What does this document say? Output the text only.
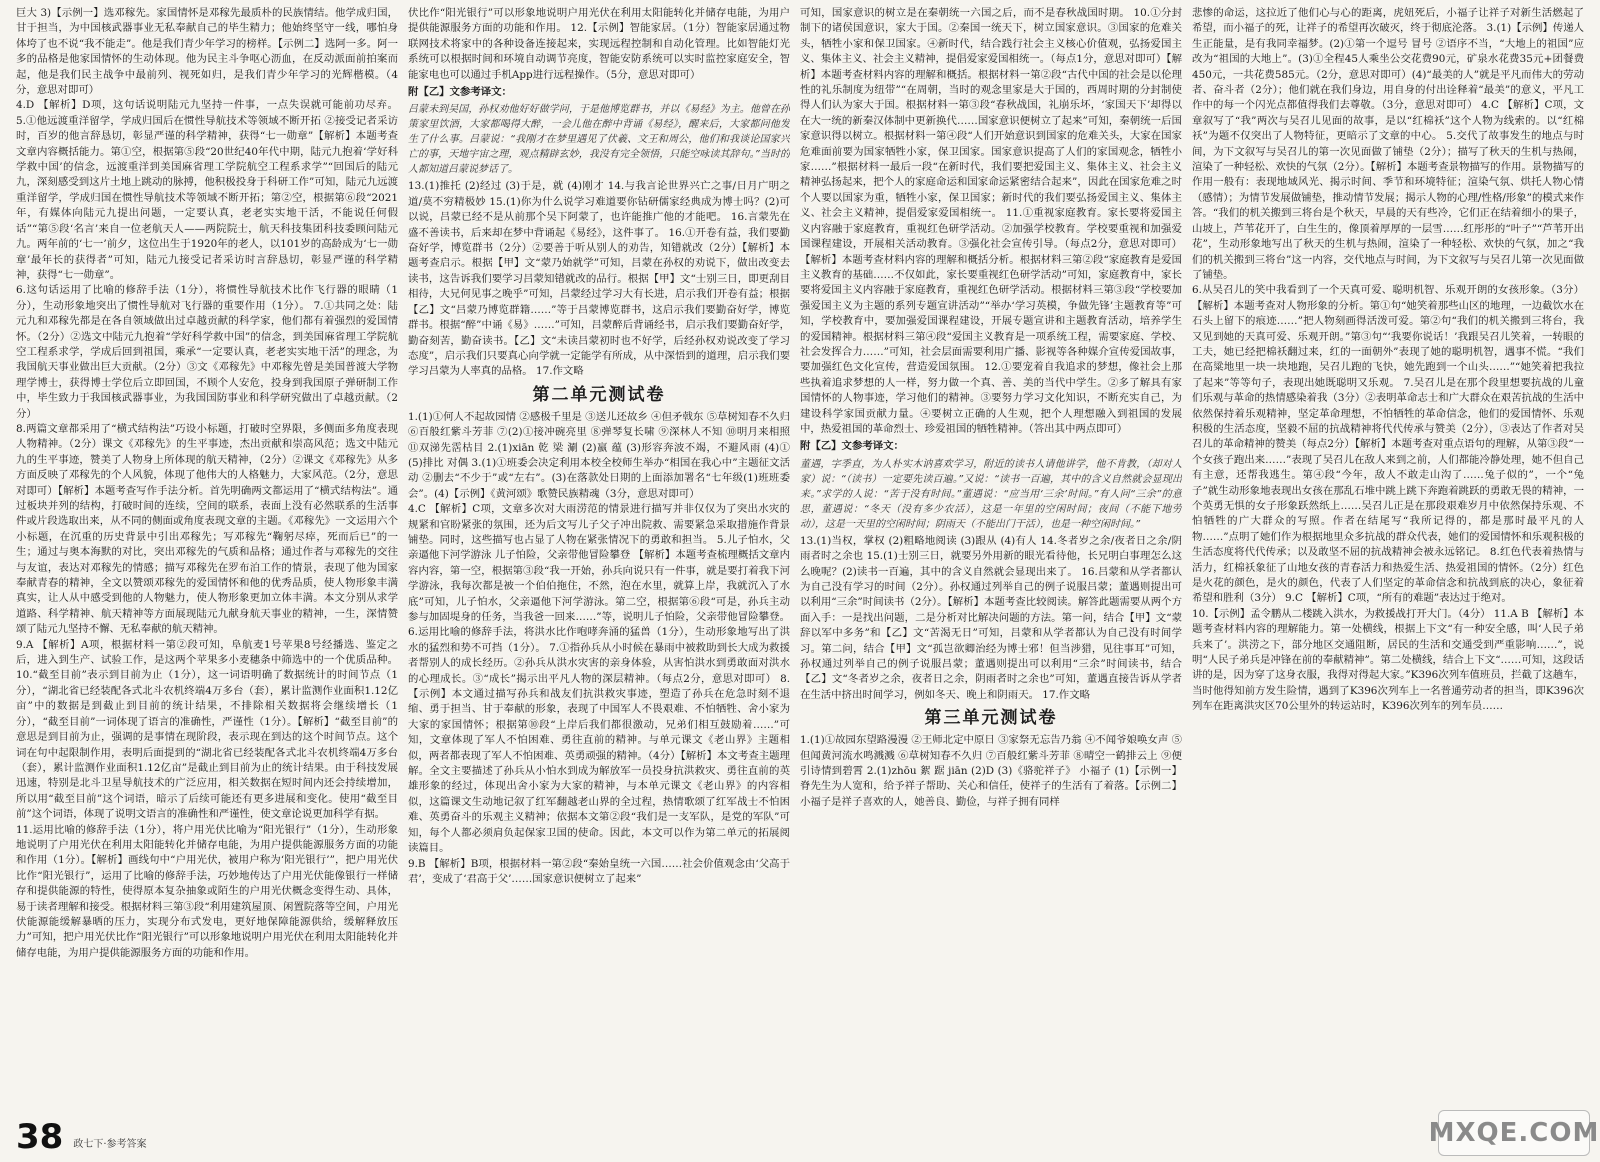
巨大 3)【示例一】选邓稼先。家国情怀是邓稼先最质朴的民族情结。他学成归国，甘于担当，为中国核武器事业无私奉献自己的毕生精力；他始终坚守一线，哪怕身体垮了也不说“我不能走”。他是我们青少年学习的榜样。【示例二】选阿一多。阿一多的品格是他家国情怀的生动体现。他为民主斗争呕心沥血，在反动派面前拍案而起，他是我们民主战争中最前列、视死如归，是我们青少年学习的光辉楷模。（4分，意思对即可）

4.D 【解析】D项，这句话说明陆元九坚持一件事，一点失误就可能前功尽弃。 5.①他远渡重洋留学，学成归国后在惯性导航技术等领域不断开拓 ②接受记者采访时，百岁的他言辞恳切，彰显严谨的科学精神，获得“七一勋章”【解析】本题考查文章内容概括能力。第①空，根据第⑤段“20世纪40年代中期，陆元九抱着‘学好科学救中国’的信念，远渡重洋到美国麻省理工学院航空工程系求学”“回国后的陆元九，深刻感受到这片土地上跳动的脉搏，他积极投身于科研工作”可知，陆元九远渡重洋留学，学成归国在惯性导航技术等领域不断开拓；第②空，根据第⑥段“2021年，有媒体向陆元九提出问题，一定要认真，老老实实地干活，不能说任何假话”“第⑤段‘名言’来自一位老航天人——两院院士，航天科技集团科技委顾问陆元九。两年前的‘七一’前夕，这位出生于1920年的老人，以101岁的高龄成为‘七一勋章’最年长的获得者”可知，陆元九接受记者采访时言辞恳切，彰显严谨的科学精神，获得“七一勋章”。

6.这句话运用了比喻的修辞手法（1分），将惯性导航技术比作飞行器的眼睛（1分），生动形象地突出了惯性导航对飞行器的重要作用（1分）。 7.①共同之处：陆元九和邓稼先都是在各自领域做出过卓越贡献的科学家，他们都有着强烈的爱国情怀。（2分）②选文中陆元九抱着“学好科学救中国”的信念，到美国麻省理工学院航空工程系求学，学成后回到祖国，乘承“一定要认真，老老实实地干活”的理念，为我国航天事业做出巨大贡献。（2分）③文《邓稼先》中邓稼先曾是美国普渡大学物理学博士，获得博士学位后立即回国，不顾个人安危，投身到我国原子弹研制工作中，毕生致力于我国核武器事业，为我国国防事业和科学研究做出了卓越贡献。（2分）

8.两篇文章都采用了“横式结构法”巧设小标题，打破时空界限，多侧面多角度表现人物精神。（2分）课文《邓稼先》的生平事迹，杰出贡献和崇高风范；选文中陆元九的生平事迹，赞美了人物身上所体现的航天精神，（2分）②课文《邓稼先》从多方面反映了邓稼先的个人风貌，体现了他伟大的人格魅力，大家风范。（2分，意思对即可）【解析】本题考查写作手法分析。首先明确两文都运用了“横式结构法”。通过板块并列的结构，打破时间的连续，空间的联系，表面上没有必然联系的生活事件或片段选取出来，从不同的侧面或角度表现文章的主题。《邓稼先》一文运用六个小标题，在沉重的历史背景中引出邓稼先；写邓稼先“鞠躬尽瘁，死而后已”的一生；通过与奥本海默的对比，突出邓稼先的气质和品格；通过作者与邓稼先的交往与友谊，表达对邓稼先的情感；描写邓稼先在罗布泊工作的情景，表现了他为国家奉献青春的精神，全文以赞颂邓稼先的爱国情怀和他的优秀品质，使人物形象丰满真实，让人从中感受到他的人物魅力，使人物形象更加立体丰满。本文分别从求学道路、科学精神、航天精神等方面展现陆元九献身航天事业的精神，一生，深情赞颂了陆元九坚持不懈、无私奉献的航天精神。

9.A 【解析】A项，根据材料一第②段可知，阜航麦1号苹果8号经播选、鉴定之后，进入到生产、试验工作，是这两个苹果多小麦穗条中筛选中的一个优质品种。 10.“截至目前”表示到目前为止（1分），这一词语明确了数据统计的时间节点（1分），“湖北省已经装配各式北斗农机终端4万多台（套），累计监测作业面积1.12亿亩”中的数据是到截止到目前的统计结果，不排除相关数据将会继续增长（1分），“截至目前”一词体现了语言的准确性，严谨性（1分）。【解析】“截至目前”的意思是到目前为止，强调的是事情在现阶段，表示现在到达的这个时间节点。这个词在句中起限制作用，表明后面提到的“湖北省已经装配各式北斗农机终端4万多台（套），累计监测作业面积1.12亿亩”是截止到目前为止的统计结果。由于科技发展迅速，特别是北斗卫星导航技术的广泛应用，相关数据在短时间内还会持续增加，所以用“截至目前”这个词语，暗示了后续可能还有更多进展和变化。使用“截至目前”这个词语，体现了说明文语言的准确性和严谨性，使文章论说更加科学有据。

11.运用比喻的修辞手法（1分），将户用光伏比喻为“阳光银行”（1分），生动形象地说明了户用光伏在利用太阳能转化并储存电能，为用户提供能源服务方面的功能和作用（1分）。【解析】画线句中“户用光伏，被用户称为‘阳光银行’”，把户用光伏比作“阳光银行”，运用了比喻的修辞手法，巧妙地传达了户用光伏能像银行一样储存和提供能源的特性，使得原本复杂抽象或陌生的户用光伏概念变得生动、具体，易于读者理解和接受。根据材料三第③段“利用建筑屋顶、闲置院落等空间，户用光伏能源能缓解暴晒的压力，实现分布式发电，更好地保障能源供给，缓解释放压力”可知，把户用光伏比作“阳光银行”可以形象地说明户用光伏在利用太阳能转化并储存电能，为用户提供能源服务方面的功能和作用。

伏比作“阳光银行”可以形象地说明户用光伏在利用太阳能转化并储存电能，为用户提供能源服务方面的功能和作用。 12.【示例】智能家居。（1分）智能家居通过物联网技术将家中的各种设备连接起来，实现远程控制和自动化管理。比如智能灯光系统可以根据时间和环境自动调节亮度，智能安防系统可以实时监控家庭安全，智能家电也可以通过手机App进行远程操作。（5分，意思对即可）

附【乙】文参考译文：

吕蒙未到吴国，孙权劝他好好做学问，于是他博览群书，并以《易经》为主。他曾在孙策家里饮酒，大家都喝得大醉，一会儿他在醉中背诵《易经》，醒来后，大家都问他发生了什么事。吕蒙说：“我刚才在梦里遇见了伏羲、文王和周公，他们和我谈论国家兴亡的事，天地宇宙之理，观点精辟玄妙，我没有完全领悟，只能空咏读其辞句。”当时的人都知道吕蒙说梦话了。

13.(1)推托 (2)经过 (3)于是，就 (4)刚才 14.与我言论世界兴亡之事/日月广明之道/莫不穷精极妙 15.(1)你为什么说学习难道要你钻研儒家经典成为博士吗？(2)可以说，吕蒙已经不是从前那个吴下阿蒙了，也许能推广他的才能吧。 16.言蒙先在盛不善读书，后来却在梦中背诵起《易经》，这件事了。 16.①开卷有益，我们要勤奋好学，博览群书（2分）②要善于听从别人的劝告，知错就改（2分）【解析】本题考查启示。根据【甲】文“蒙乃始就学”可知，吕蒙在孙权的劝说下，做出改变去读书，这告诉我们要学习吕蒙知错就改的品行。根据【甲】文“士别三日，即更刮目相待，大兄何见事之晚乎”可知，吕蒙经过学习大有长进，启示我们开卷有益；根据【乙】文“吕蒙乃博览群籍……”等于吕蒙博览群书，这启示我们要勤奋好学，博览群书。根据“醉”中诵《易》……”可知，吕蒙醉后背诵经书，启示我们要勤奋好学，勤奋刻苦，勤奋读书。【乙】文“未读吕蒙初时也不好学，后经孙权劝说改变了学习态度”，启示我们只要真心向学就一定能学有所成，从中深悟到的道理，启示我们要学习吕蒙为人率真的品格。 17.作文略

第二单元测试卷

1.(1)①何人不起故园情 ②感极千里是 ③送儿还故乡 ④但矛戟东 ⑤草树知春不久归 ⑥百般红紫斗芳菲 ⑦(2)①接冲碗亮里 ⑧弹琴复长啸 ⑨深林人不知 ⑩明月来相照 ⑪双涕先霑枯目 2.(1)xiān 乾 梁 涮 (2)嬴 蕴 (3)形容奔波不竭，不避风雨 (4)① (5)排比 对偶 3.(1)①班委会决定利用本校全校师生举办“相国在我心中”主题征文活动 ②删去“不少于”或“左右”。(3)在落款处日期的上面添加署名“七年级(1)班班委会”。(4)【示例】《黄河颂》歌赞民族精魂（3分，意思对即可）

4.C 【解析】C项，文章多次对大雨涝范的情景进行描写并非仅仅为了突出水灾的规紧和官盼紧张的氛围，还为后文写儿子父子冲出院救、需要紧急采取措施作背景铺垫。同时，这些描写也占显了人物在紧张情况下的勇敢和担当。 5.儿子怕水，父亲逼他下河学游泳 儿子怕险，父亲带他冒险攀登 【解析】本题考查梳理概括文章内容内容，第一空，根据第③段“我一开始，孙兵向说只有一件事，就是要打着我下河学游泳，我每次都是被一个伯伯拖住，不然，泡在水里，就算上岸，我就沉入了水底”可知，儿子怕水，父亲逼他下河学游泳。第二空，根据第⑥段“可是，孙兵主动参与加固堤身的任务，当我爸一回来……”等，说明儿子怕险，父亲带他冒险攀登。 6.运用比喻的修辞手法，将洪水比作咆哮奔涌的猛兽（1分），生动形象地写出了洪水的猛烈和势不可挡（1分）。 7.①指孙兵从小时候在暴雨中被救助到长大成为救援者帮别人的成长经历。②孙兵从洪水灾害的亲身体验，从害怕洪水到勇敢面对洪水的心理成长。③“成长”揭示出平凡人物的深层精神。（每点2分，意思对即可） 8.【示例】本文通过描写孙兵和战友们抗洪救灾事迹，塑造了孙兵在危急时刻不退缩、勇于担当、甘于奉献的形象，表现了中国军人不畏艰难、不怕牺牲、舍小家为大家的家国情怀；根据第⑩段“上岸后我们都很激动，兄弟们相互鼓励着……”可知，文章体现了军人不怕困难、勇往直前的精神。与单元课文《老山界》主题相似，两者都表现了军人不怕困难、英勇顽强的精神。（4分）【解析】本文考查主题理解。全文主要描述了孙兵从小怕水到成为解放军一员投身抗洪救灾、勇往直前的英雄形象的经过，体现出舍小家为大家的精神，与本单元课文《老山界》的内容相似，这篇课文生动地记叙了红军翻越老山界的全过程，热情歌颂了红军战士不怕困难、英勇奋斗的乐观主义精神；依据本文第②段“我们是一支军队，是党的军队”可知，每个人都必须肩负起保家卫国的使命。因此，本文可以作为第二单元的拓展阅读篇目。

9.B 【解析】B项，根据材料一第②段“秦始皇统一六国……社会价值观念由‘父高于君’，变成了‘君高于父’……国家意识便树立了起来”

可知，国家意识的树立是在秦朝统一六国之后，而不是春秋战国时期。 10.①分封制下的诸侯国意识，家大于国。②秦国一统天下，树立国家意识。③国家的危难关头，牺牲小家和保卫国家。④新时代，结合践行社会主义核心价值观，弘扬爱国主义、集体主义、社会主义精神，提倡爱家爱国相统一。（每点1分，意思对即可）【解析】本题考查材料内容的理解和概括。根据材料一第②段“古代中国的社会是以伦理性的礼乐制度为纽带”“在周朝，当时的观念里家是大于国的，西周时期的分封制使得人们认为家大于国。根据材料一第③段“春秋战国，礼崩乐坏，‘家国天下’却得以在大一统的新秦汉体制中更新换代……国家意识便树立了起来”可知，秦朝统一后国家意识得以树立。根据材料一第④段“人们开始意识到国家的危难关头，大家在国家危难面前要为国家牺牲小家，保卫国家。国家意识提高了人们的家国观念，牺牲小家……”根据材料一最后一段“在新时代，我们要把爱国主义、集体主义、社会主义精神弘扬起来，把个人的家庭命运和国家命运紧密结合起来”，因此在国家危难之时个人要以国家为重，牺牲小家，保卫国家；新时代的我们要弘扬爱国主义、集体主义、社会主义精神，提倡爱家爱国相统一。 11.①重视家庭教育。家长要将爱国主义内容融于家庭教育，重视红色研学活动。②加强学校教育。学校要重视和加强爱国课程建设，开展相关活动教育。③强化社会宣传引导。（每点2分，意思对即可）【解析】本题考查材料内容的理解和概括分析。根据材料三第②段“家庭教育是爱国主义教育的基础……不仅如此，家长要重视红色研学活动”可知，家庭教育中，家长要将爱国主义内容融于家庭教育，重视红色研学活动。根据材料三第③段“学校要加强爱国主义为主题的系列专题宣讲活动”“举办‘学习英模，争做先锋’主题教育等”可知，学校教育中，要加强爱国课程建设，开展专题宣讲和主题教育活动，培养学生的爱国精神。根据材料三第④段“爱国主义教育是一项系统工程，需要家庭、学校、社会发挥合力……”可知，社会层面需要利用广播、影视等各种媒介宣传爱国故事，要加强红色文化宣传，营造爱国氛围。 12.①要宠着自我追求的梦想，像社会上那些执着追求梦想的人一样，努力做一个真、善、美的当代中学生。②多了解具有家国情怀的人物事迹，学习他们的精神。③要努力学习文化知识，不断充实自己，为建设科学家国贡献力量。④要树立正确的人生观，把个人理想融入到祖国的发展中，热爱祖国的革命烈士、珍爱祖国的牺牲精神。（答出其中两点即可）

附【乙】文参考译文：

董遇，字季直，为人朴实木讷喜欢学习，附近的读书人请他讲学，他不肯教，（却对人家）说：“（读书）一定要先读百遍。”又说：“读书一百遍，其中的含义自然就会显现出来。”求学的人说：“苦于没有时间。”董遇说：“应当用‘三余’时间。”有人问“三余”的意思，董遇说：“冬天（没有多少农活），这是一年里的空闲时间；夜间（不能下地劳动），这是一天里的空闲时间；阴雨天（不能出门干活），也是一种空闲时间。”

13.(1)当权，掌权 (2)粗略地阅读 (3)跟从 (4)有人 14.冬者岁之余/夜者日之余/阴雨者时之余也 15.(1)士别三日，就要另外用新的眼光看待他，长兄明白事理怎么这么晚呢？(2)读书一百遍，其中的含义自然就会显现出来了。 16.吕蒙和从学者都认为自己没有学习的时间（2分）。孙权通过列举自己的例子说服吕蒙；董遇则提出可以利用“三余”时间读书（2分）。【解析】本题考查比较阅读。解答此题需要从两个方面入手：一是找出问题，二是分析对比解决问题的方法。第一问，结合【甲】文“蒙辞以军中多务”和【乙】文“苦渴无日”可知，吕蒙和从学者都认为自己没有时间学习。第二问，结合【甲】文“孤岂欲卿治经为博士邪！但当涉猎，见往事耳”可知，孙权通过列举自己的例子说服吕蒙；董遇则提出可以利用“三余”时间读书，结合【乙】文“冬者岁之余，夜者日之余，阴雨者时之余也”可知，董遇直接告诉从学者在生活中挤出时间学习，例如冬天、晚上和阴雨天。 17.作文略

第三单元测试卷

1.(1)①故园东望路漫漫 ②王师北定中原日 ③家祭无忘告乃翁 ④不闻爷娘唤女声 ⑤但闻黄河流水鸣溅溅 ⑥草树知春不久归 ⑦百般红紫斗芳菲 ⑧晴空一鹤排云上 ⑨便引诗情到碧霄 2.(1)zhōu 絮 踞 jiān (2)D (3)《骆驼祥子》 小福子 (1)【示例一】脊先生为人宽和，给予祥子帮助、关心和信任，使祥子的生活有了着落。【示例二】小福子是祥子喜欢的人，她善良、勤俭，与祥子拥有同样

悲惨的命运，这拉近了他们心与心的距离，虎妞死后，小福子让祥子对新生活燃起了希望，而小福子的死，让祥子的希望再次破灭，终于彻底沦落。 3.(1)【示例】传递人生正能量，是有我同幸福梦。(2)①第一个逗号 冒号 ②语序不当，“大地上的祖国”应改为“祖国的大地上”。(3)①全程45人乘坐公交花费90元，矿泉水花费35元+团餐费450元，一共花费585元。（2分，意思对即可）(4)“最美的人”就是平凡而伟大的劳动者、奋斗者（2分）；他们就在我们身边，用自身的付出诠释着“最美”的意义，平凡工作中的每一个闪光点都值得我们去尊敬。（3分，意思对即可） 4.C 【解析】C项，文章叙写了“我”两次与吴召儿见面的故事，是以“红棉袄”这个人物为线索的。以“红棉袄”为题不仅突出了人物特征，更暗示了文章的中心。 5.交代了故事发生的地点与时间，为下文叙写与吴召儿的第一次见面做了铺垫（2分）；描写了秋天的生机与热闹，渲染了一种轻松、欢快的气氛（2分）。【解析】本题考查景物描写的作用。景物描写的作用一般有：表现地域风光、揭示时间、季节和环境特征；渲染气氛、烘托人物心情（感情）；为情节发展做铺垫，推动情节发展；揭示人物的心理/性格/形象”的模式来作答。“我们的机关搬到三将台是个秋天，早晨的天有些冷，它们正在结着细小的果子，山坡上，芦苇花开了，白生生的，像顶着厚厚的一层雪……红彤彤的“叶子”“芦苇开出花”，生动形象地写出了秋天的生机与热闹，渲染了一种轻松、欢快的气氛，加之“我们的机关搬到三将台”这一内容，交代地点与时间，为下文叙写与吴召儿第一次见面做了铺垫。

6.从吴召儿的笑中我看到了一个天真可爱、聪明机智、乐观开朗的女孩形象。（3分）【解析】本题考查对人物形象的分析。第①句“她笑着那些山区的地理，一边截饮水在石头上留下的痕迹……”把人物刻画得活泼可爱。第②句“我们的机关搬到三将台，我又见到她的天真可爱、乐观开朗。”第③句“‘我要你说话！’我跟吴召儿笑着，一转眼的工夫，她已经把棉袄翻过来，红的一面朝外”表现了她的聪明机智，遇事不慌。“我们在高粱地里一块一块地跑，吴召儿跑的飞快，她先跑到一个山头……”“她笑着把我拉了起来”等等句子，表现出她既聪明又乐观。 7.吴召儿是在那个段里想要抗战的儿童们乐观与革命的热情感染着我（3分）②表明革命志士和广大群众在艰苦抗战的生活中依然保持着乐观精神，坚定革命理想，不怕牺牲的革命信念，他们的爱国情怀、乐观积极的生活态度，坚毅不屈的抗战精神将代代传承与赞美（2分），③表达了作者对吴召儿的革命精神的赞美（每点2分）【解析】本题考查对重点语句的理解，从第③段“一个女孩子跑出来……”表现了吴召儿在敌人来到之前，人们都能冷静处理，她不但自己有主意，还帮我逃生。第④段“今年，敌人不敢走山沟了……兔子似的”，一个“兔子”就生动形象地表现出女孩在那乱石堆中跳上跳下奔跑着跳跃的勇敢无畏的精神，一个英勇无惧的女子形象跃然纸上……吴召儿正是在那段艰难岁月中依然保持乐观、不怕牺牲的广大群众的写照。作者在结尾写“我所记得的，都是那时最平凡的人物……”点明了她们作为根据地里众多抗战的群众代表，她们的爱国情怀和乐观积极的生活态度将代代传承；以及敢坚不屈的抗战精神会被永远铭记。 8.红色代表着热情与活力，红棉袄象征了山地女孩的青春活力和热爱生活、热爱祖国的情怀。（2分）红色是火花的颜色，是火的颜色，代表了人们坚定的革命信念和抗战到底的决心，象征着希望和胜利（3分） 9.C 【解析】C项，“所有的难题”表达过于绝对。

10.【示例】孟令鹏从二楼跳入洪水，为救援战打开大门。（4分） 11.A B 【解析】本题考查材料内容的理解能力。第一处横线，根据上下文“有一种安全感，叫‘人民子弟兵来了’。洪涝之下，部分地区交通阻断，居民的生活和交通受到严重影响……”，说明“人民子弟兵是冲锋在前的奉献精神”。第二处横线，结合上下文“……可知，这段话讲的是，因为穿了这身衣服，我得对得起大家。”K396次列车值班员，拦截了这趟车，当时他得知前方发生险情，遇到了K396次列车上一名普通劳动者的担当，即K396次列车在距离洪灾区70公里外的转运站时，K396次列车的列车员……

38 政七下·参考答案	MXQE.COM
